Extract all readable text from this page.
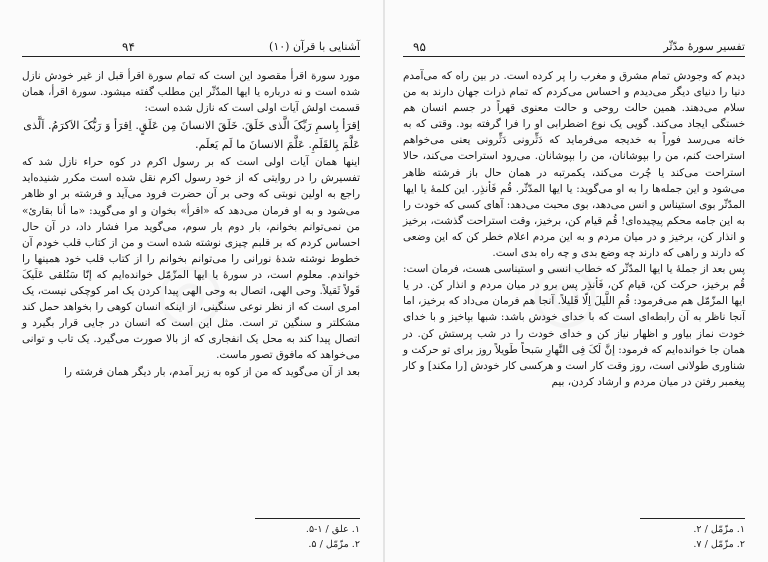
۹۴	آشنایی با قرآن (۱۰)
◎

مورد سورة اقرأ مقصود این است که تمام سورة اقرأ قبل از غیر خودش نازل شده است و نه درباره یا ایها المدّثّر این مطلب گفته میشود. سورة اقرأ، همان قسمت اولش آیات اولی است که نازل شده است:

اِقرَأ بِاسمِ رَبِّکَ الَّذی خَلَقَ. خَلَقَ الانسانَ مِن عَلَقٍ. اِقرَأ وَ رَبُّکَ الاَکرَمُ. اَلَّذی عَلَّمَ بِالقَلَمِ. عَلَّمَ الانسانَ ما لَم یَعلَم.

اینها همان آیات اولی است که بر رسول اکرم در کوه حراء نازل شد که تفسیرش را در روایتی که از خود رسول اکرم نقل شده است مکرر شنیده‌اید راجع به اولین نوبتی که وحی بر آن حضرت فرود می‌آید و فرشته بر او ظاهر می‌شود و به او فرمان می‌دهد که «اقرأ» بخوان و او می‌گوید: «ما أنا بقارئ» من نمی‌توانم بخوانم، بار دوم بار سوم، می‌گوید مرا فشار داد، در آن حال احساس کردم که بر قلبم چیزی نوشته شده است و من از کتاب قلب خودم آن خطوط نوشته شدهٔ نورانی را می‌توانم بخوانم را از کتاب قلب خود همینها را خواندم. معلوم است، در سورهٔ یا ایها المزّمّل خوانده‌ایم که إنّا سَنُلقی عَلَیکَ قَولاً ثَقیلاً. وحی الهی، اتصال به وحی الهی پیدا کردن یک امر کوچکی نیست، یک امری است که از نظر نوعی سنگینی، از اینکه انسان کوهی را بخواهد حمل کند مشکلتر و سنگین تر است. مثل این است که انسان در جایی قرار بگیرد و اتصال پیدا کند به محل یک انفجاری که از بالا صورت می‌گیرد. یک تاب و توانی می‌خواهد که مافوق تصور ماست.

بعد از آن می‌گوید که من از کوه به زیر آمدم، بار دیگر همان فرشته را

۱. علق / ۱-۵.
۲. مزّمّل / ۵.
۹۵	تفسیر سورهٔ مدّثّر
◎

دیدم که وجودش تمام مشرق و مغرب را پر کرده است. در بین راه که می‌آمدم دنیا را دنیای دیگر می‌دیدم و احساس می‌کردم که تمام ذرات جهان دارند به من سلام می‌دهند. همین حالت روحی و حالت معنوی قهراً در جسم انسان هم خستگی ایجاد می‌کند. گویی یک نوع اضطرابی او را فرا گرفته بود. وقتی که به خانه می‌رسد فوراً به خدیجه می‌فرماید که دَثِّرونی دَثِّرونی یعنی می‌خواهم استراحت کنم، من را بپوشانان، من را بپوشانان. می‌رود استراحت می‌کند، حالا استراحت می‌کند یا چُرت می‌کند، یکمرتبه در همان حال باز فرشته ظاهر می‌شود و این جمله‌ها را به او می‌گوید: یا ایها المدّثّر. قُم فَأنذِر. این کلمهٔ یا ایها المدّثّر بوی استیناس و انس می‌دهد، بوی محبت می‌دهد: آهای کسی که خودت را به این جامه محکم پیچیده‌ای! قُم قیام کن، برخیز، وقت استراحت گذشت، برخیز و انذار کن، برخیز و در میان مردم و به این مردم اعلام خطر کن که این وضعی که دارند و راهی که دارند چه وضع بدی و چه راه بدی است.

پس بعد از جملهٔ یا ایها المدّثّر که خطاب انسی و استیناسی هست، فرمان است: قُم برخیز، حرکت کن، قیام کن، فَأنذِر پس برو در میان مردم و انذار کن. در یا ایها المزّمّل هم می‌فرمود: قُمِ اللَّیلَ اِلّا قَلیلاً. آنجا هم فرمان می‌داد که برخیز، اما آنجا ناظر به آن رابطه‌ای است که با خدای خودش باشد: شبها بپاخیز و با خدای خودت نماز بیاور و اظهار نیاز کن و خدای خودت را در شب پرستش کن. در همان جا خوانده‌ایم که فرمود: إنَّ لَکَ فِی النَّهارِ سَبحاً طَویلاً روز برای تو حرکت و شناوری طولانی است، روز وقت کار است و هرکسی کار خودش [را مکند] و کار پیغمبر رفتن در میان مردم و ارشاد کردن، بیم

۱. مزّمّل / ۲.
۲. مزّمّل / ۷.
